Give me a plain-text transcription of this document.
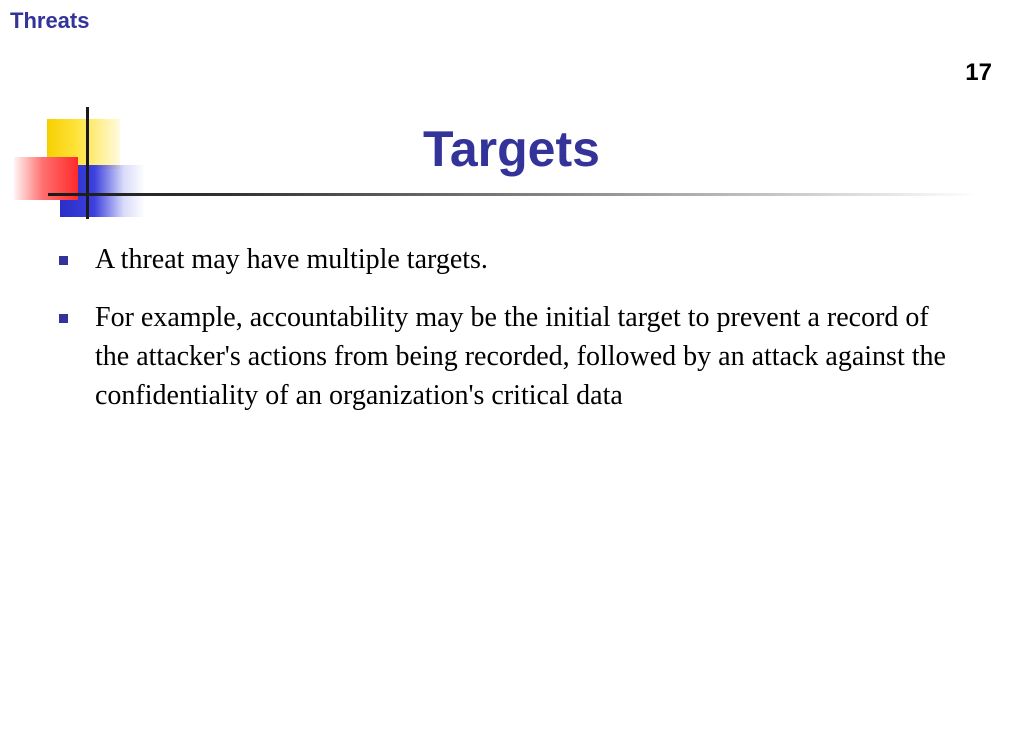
Threats
17
Targets
A threat may have multiple targets.
For example, accountability may be the initial target to prevent a record of the attacker's actions from being recorded, followed by an attack against the confidentiality of an organization's critical data
